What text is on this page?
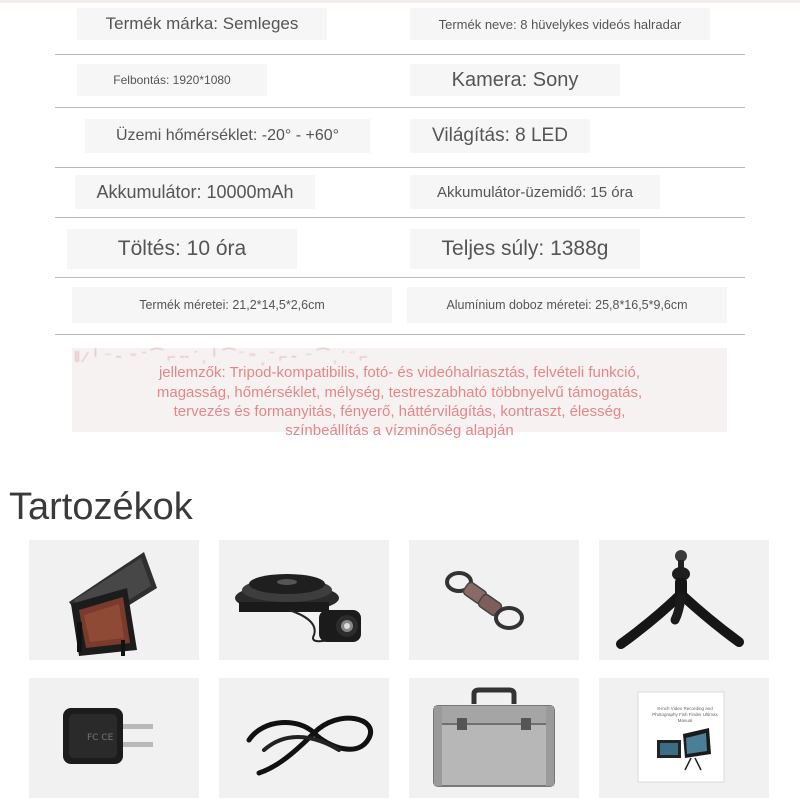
Termék márka: Semleges	Termék neve: 8 hüvelykes videós halradar
Felbontás: 1920*1080	Kamera: Sony
Üzemi hőmérséklet: -20° - +60°	Világítás: 8 LED
Akkumulátor: 10000mAh	Akkumulátor-üzemidő: 15 óra
Töltés: 10 óra	Teljes súly: 1388g
Termék méretei: 21,2*14,5*2,6cm	Alumínium doboz méretei: 25,8*16,5*9,6cm
‖ ⁄ ╵ ⁻ ╴ ⁼ ˉ ⁀ ⌐ ╌ ˊ ‚ ╵ ⁀ ¨ ⁼ ¸ ˉ ⌐ ╴ ⁻ ⁀ ‚ ˊ ¨ ⌐
jellemzők: Tripod-kompatibilis, fotó- és videóhalriasztás, felvételi funkció,
magasság, hőmérséklet, mélység, testreszabható többnyelvű támogatás,
tervezés és formanyitás, fényerő, háttérvilágítás, kontraszt, élesség,
színbeállítás a vízminőség alapján
Tartozékok
FC CE
8-inch Video Recording and Photography Fish Finder Ultimax Manual
